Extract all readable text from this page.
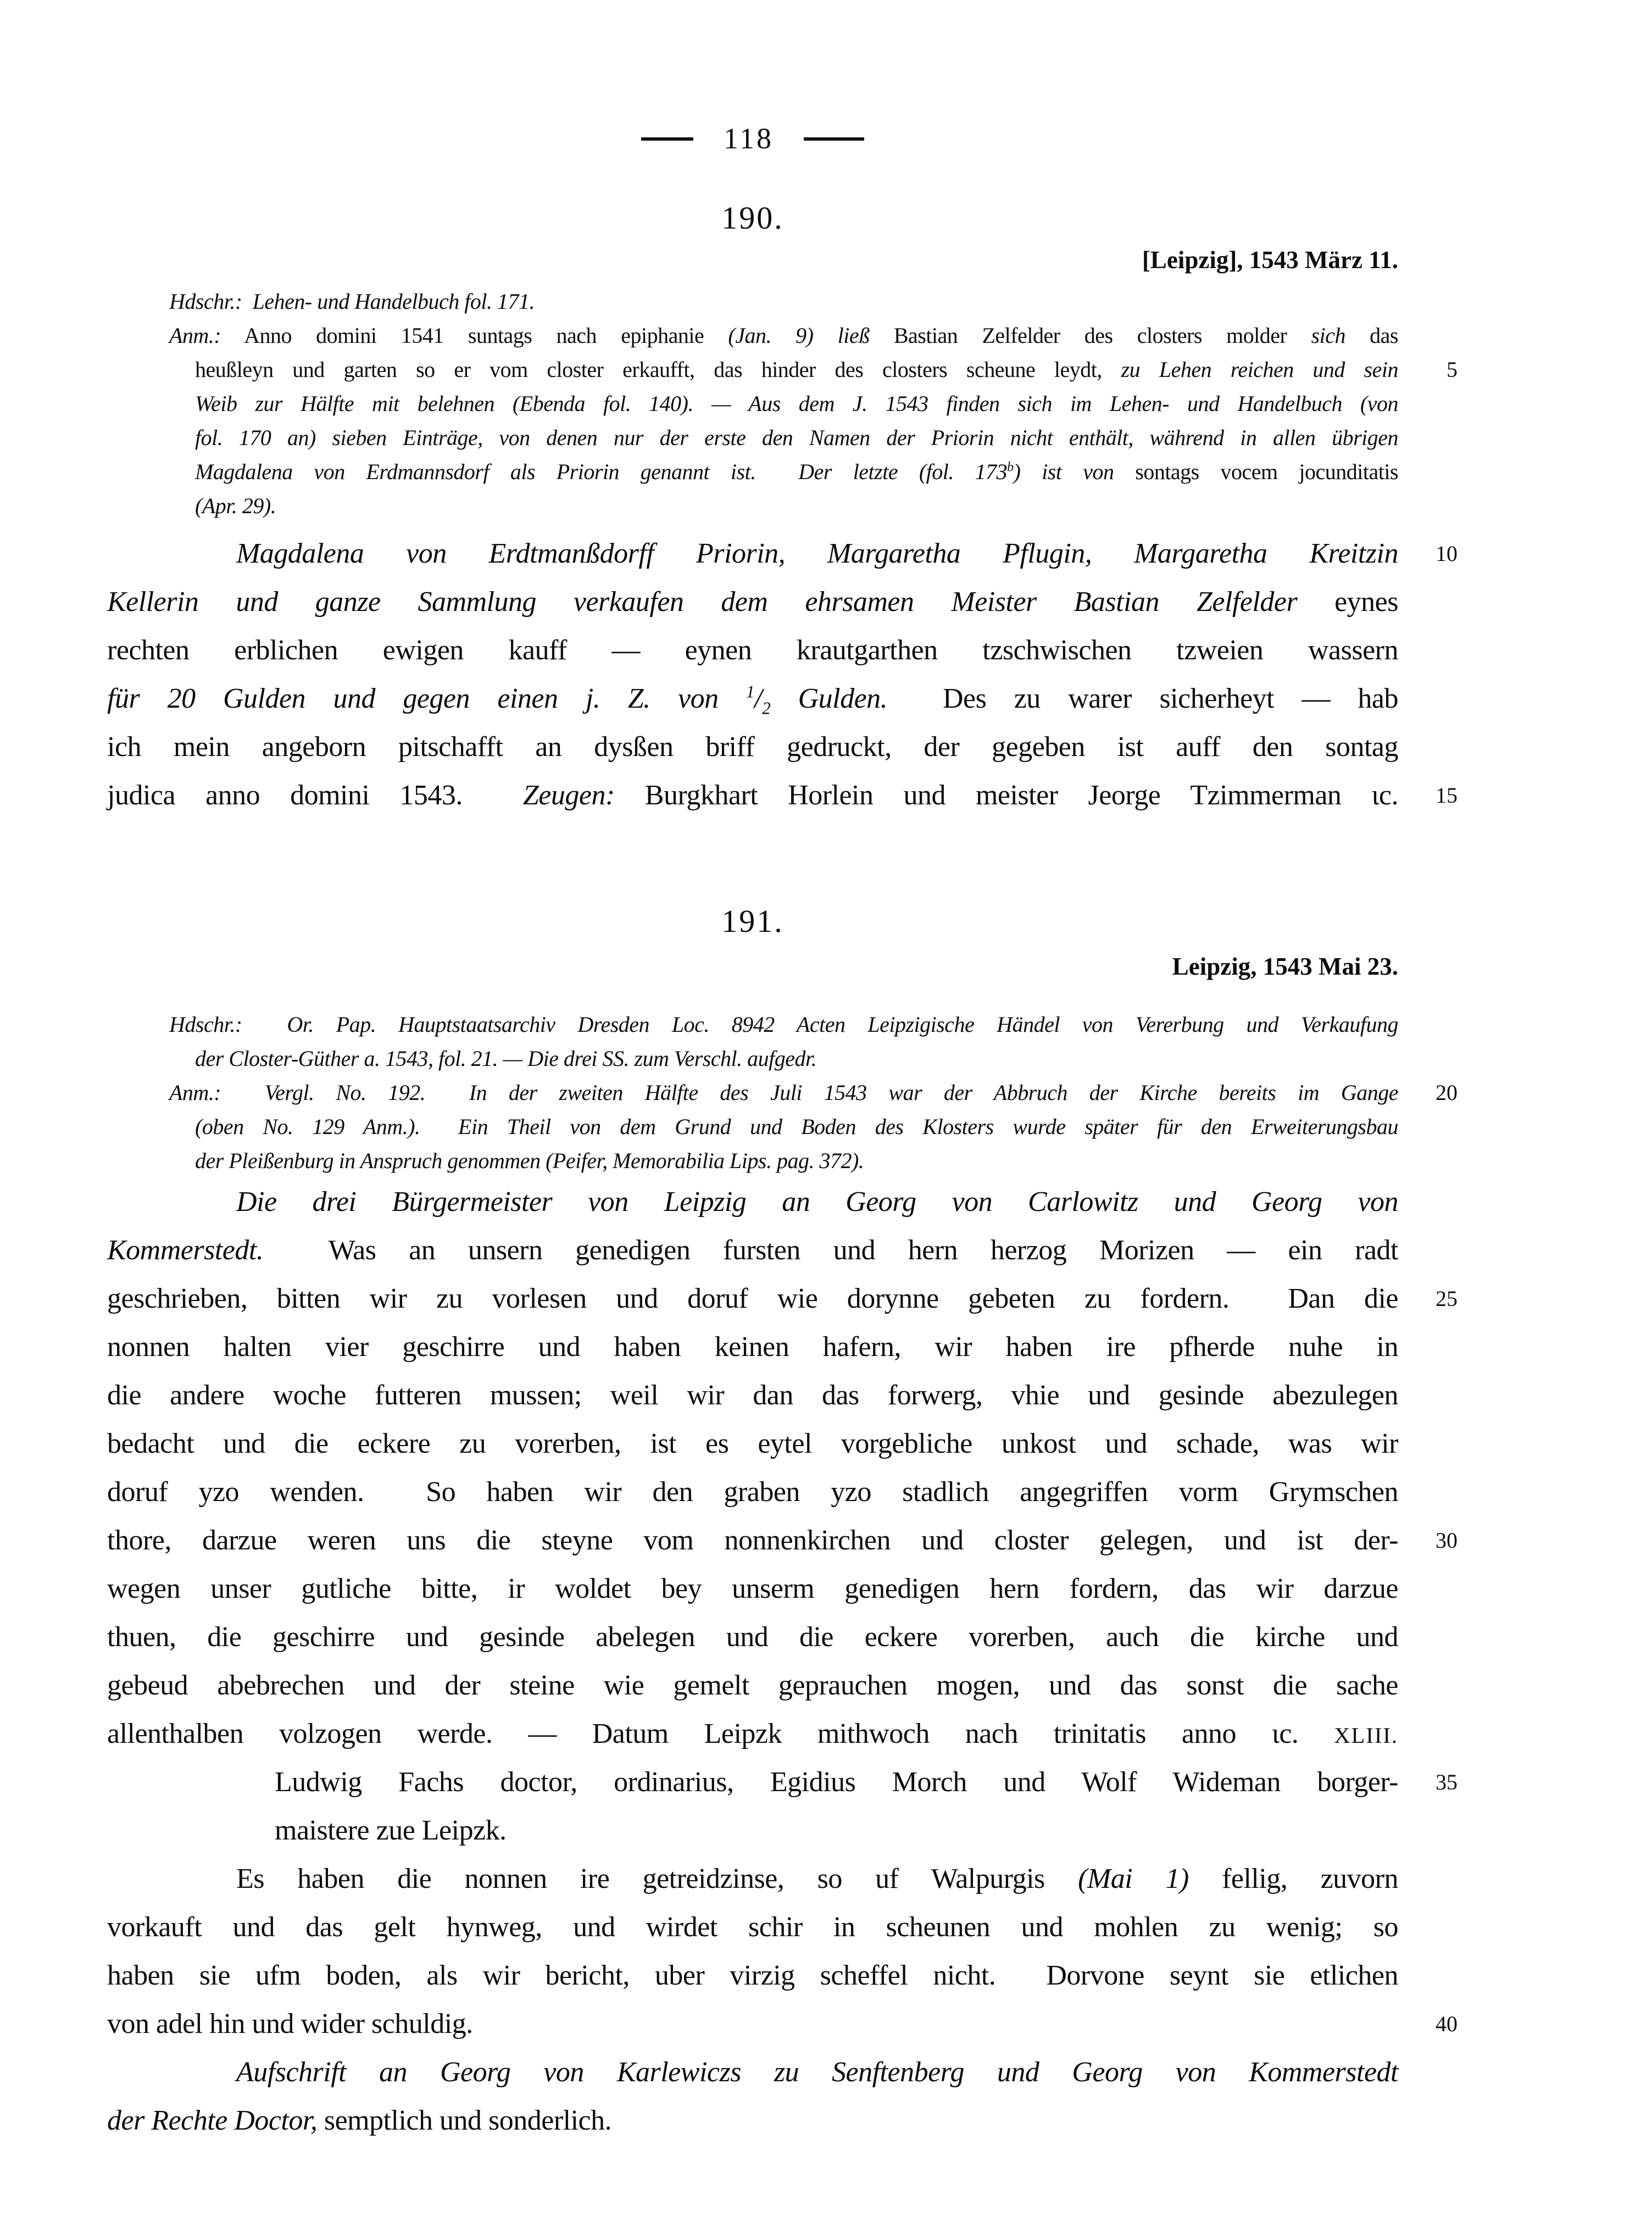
118
190.
[Leipzig], 1543 März 11.
Hdschr.:  Lehen- und Handelbuch fol. 171.
Anm.: Anno domini 1541 suntags nach epiphanie (Jan. 9) ließ Bastian Zelfelder des closters molder sich das
heußleyn und garten so er vom closter erkaufft, das hinder des closters scheune leydt, zu Lehen reichen und sein 5
Weib zur Hälfte mit belehnen (Ebenda fol. 140). — Aus dem J. 1543 finden sich im Lehen- und Handelbuch (von
fol. 170 an) sieben Einträge, von denen nur der erste den Namen der Priorin nicht enthält, während in allen übrigen
Magdalena von Erdmannsdorf als Priorin genannt ist.  Der letzte (fol. 173$^b$) ist von sontags vocem jocunditatis
(Apr. 29).
Magdalena von Erdtmanßdorff Priorin, Margaretha Pflugin, Margaretha Kreitzin 10
Kellerin und ganze Sammlung verkaufen dem ehrsamen Meister Bastian Zelfelder eynes
rechten erblichen ewigen kauff — eynen krautgarthen tzschwischen tzweien wassern
für 20 Gulden und gegen einen j. Z. von $^1/_2$ Gulden.  Des zu warer sicherheyt — hab
ich mein angeborn pitschafft an dysßen briff gedruckt, der gegeben ist auff den sontag
judica anno domini 1543.  Zeugen: Burgkhart Horlein und meister Jeorge Tzimmerman ɩc. 15
191.
Leipzig, 1543 Mai 23.
Hdschr.:  Or. Pap. Hauptstaatsarchiv Dresden Loc. 8942 Acten Leipzigische Händel von Vererbung und Verkaufung
der Closter-Güther a. 1543, fol. 21. — Die drei SS. zum Verschl. aufgedr.
Anm.:  Vergl. No. 192.  In der zweiten Hälfte des Juli 1543 war der Abbruch der Kirche bereits im Gange 20
(oben No. 129 Anm.).  Ein Theil von dem Grund und Boden des Klosters wurde später für den Erweiterungsbau
der Pleißenburg in Anspruch genommen (Peifer, Memorabilia Lips. pag. 372).
Die drei Bürgermeister von Leipzig an Georg von Carlowitz und Georg von
Kommerstedt.  Was an unsern genedigen fursten und hern herzog Morizen — ein radt
geschrieben, bitten wir zu vorlesen und doruf wie dorynne gebeten zu fordern.  Dan die 25
nonnen halten vier geschirre und haben keinen hafern, wir haben ire pfherde nuhe in
die andere woche futteren mussen; weil wir dan das forwerg, vhie und gesinde abezulegen
bedacht und die eckere zu vorerben, ist es eytel vorgebliche unkost und schade, was wir
doruf yzo wenden.  So haben wir den graben yzo stadlich angegriffen vorm Grymschen
thore, darzue weren uns die steyne vom nonnenkirchen und closter gelegen, und ist der- 30
wegen unser gutliche bitte, ir woldet bey unserm genedigen hern fordern, das wir darzue
thuen, die geschirre und gesinde abelegen und die eckere vorerben, auch die kirche und
gebeud abebrechen und der steine wie gemelt geprauchen mogen, und das sonst die sache
allenthalben volzogen werde. — Datum Leipzk mithwoch nach trinitatis anno ɩc. XLIII.
Ludwig Fachs doctor, ordinarius, Egidius Morch und Wolf Wideman borger- 35
maistere zue Leipzk.
Es haben die nonnen ire getreidzinse, so uf Walpurgis (Mai 1) fellig, zuvorn
vorkauft und das gelt hynweg, und wirdet schir in scheunen und mohlen zu wenig; so
haben sie ufm boden, als wir bericht, uber virzig scheffel nicht.  Dorvone seynt sie etlichen
von adel hin und wider schuldig.	40
Aufschrift an Georg von Karlewiczs zu Senftenberg und Georg von Kommerstedt
der Rechte Doctor, semptlich und sonderlich.
